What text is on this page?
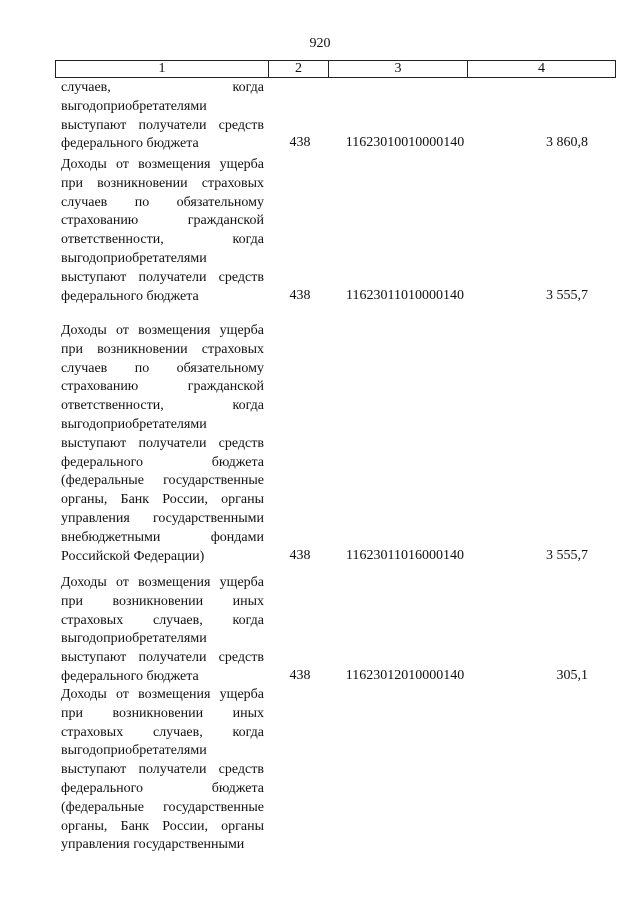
920
1	2	3	4
случаев, когда
выгодоприобретателями
выступают получатели средств
федерального бюджета	438	11623010010000140	3 860,8
Доходы от возмещения ущерба
при возникновении страховых
случаев по обязательному
страхованию гражданской
ответственности, когда
выгодоприобретателями
выступают получатели средств
федерального бюджета	438	11623011010000140	3 555,7
Доходы от возмещения ущерба
при возникновении страховых
случаев по обязательному
страхованию гражданской
ответственности, когда
выгодоприобретателями
выступают получатели средств
федерального бюджета
(федеральные государственные
органы, Банк России, органы
управления государственными
внебюджетными фондами
Российской Федерации)	438	11623011016000140	3 555,7
Доходы от возмещения ущерба
при возникновении иных
страховых случаев, когда
выгодоприобретателями
выступают получатели средств
федерального бюджета	438	11623012010000140	305,1
Доходы от возмещения ущерба
при возникновении иных
страховых случаев, когда
выгодоприобретателями
выступают получатели средств
федерального бюджета
(федеральные государственные
органы, Банк России, органы
управления государственными
